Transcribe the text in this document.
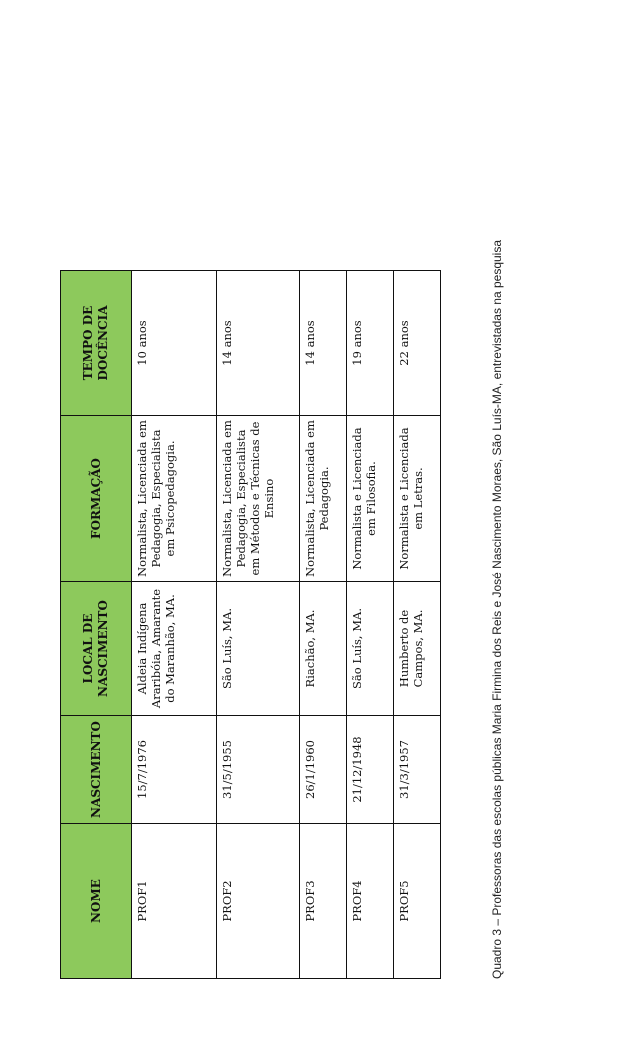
NOME	NASCIMENTO	LOCAL DE NASCIMENTO	FORMAÇÃO	TEMPO DE DOCÊNCIA
PROF1	15/7/1976	Aldeia Indígena Araribóia, Amarante do Maranhão, MA.	Normalista, Licenciada em Pedagogia, Especialista em Psicopedagogia.	10 anos
PROF2	31/5/1955	São Luís, MA.	Normalista, Licenciada em Pedagogia, Especialista em Métodos e Técnicas de Ensino	14 anos
PROF3	26/1/1960	Riachão, MA.	Normalista, Licenciada em Pedagogia.	14 anos
PROF4	21/12/1948	São Luís, MA.	Normalista e Licenciada em Filosofia.	19 anos
PROF5	31/3/1957	Humberto de Campos, MA.	Normalista e Licenciada em Letras.	22 anos	Quadro 3 – Professoras das escolas públicas Maria Firmina dos Reis e José Nascimento Moraes, São Luís-MA, entrevistadas na pesquisa
